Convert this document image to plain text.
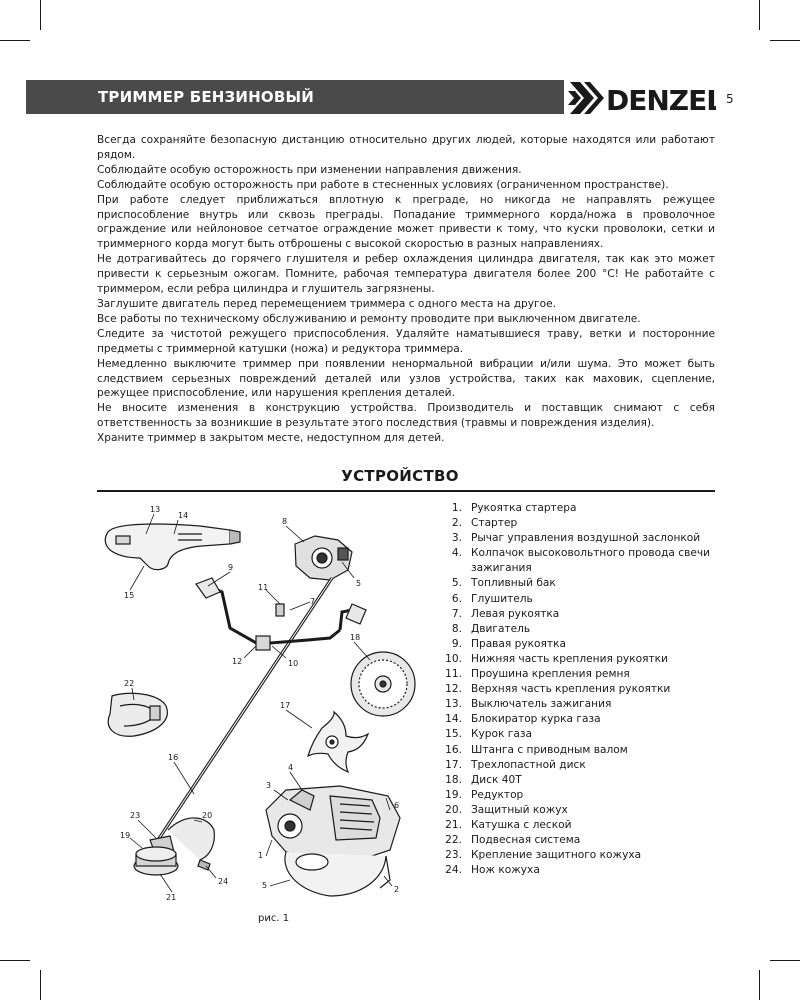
ТРИММЕР БЕНЗИНОВЫЙ	DENZEL 5

Всегда сохраняйте безопасную дистанцию относительно других людей, которые находятся или работают рядом.

Соблюдайте особую осторожность при изменении направления движения.

Соблюдайте особую осторожность при работе в стесненных условиях (ограниченном пространстве).

При работе следует приближаться вплотную к преграде, но никогда не направлять режущее приспособление внутрь или сквозь преграды. Попадание триммерного корда/ножа в проволочное ограждение или нейлоновое сетчатое ограждение может привести к тому, что куски проволоки, сетки и триммерного корда могут быть отброшены с высокой скоростью в разных направлениях.

Не дотрагивайтесь до горячего глушителя и ребер охлаждения цилиндра двигателя, так как это может привести к серьезным ожогам. Помните, рабочая температура двигателя более 200 °С! Не работайте с триммером, если ребра цилиндра и глушитель загрязнены.

Заглушите двигатель перед перемещением триммера с одного места на другое.

Все работы по техническому обслуживанию и ремонту проводите при выключенном двигателе.

Следите за чистотой режущего приспособления. Удаляйте наматывшиеся траву, ветки и посторонние предметы с триммерной катушки (ножа) и редуктора триммера.

Немедленно выключите триммер при появлении ненормальной вибрации и/или шума. Это может быть следствием серьезных повреждений деталей или узлов устройства, таких как маховик, сцепление, режущее приспособление, или нарушения крепления деталей.

Не вносите изменения в конструкцию устройства. Производитель и поставщик снимают с себя ответственность за возникшие в результате этого последствия (травмы и повреждения изделия).

Храните триммер в закрытом месте, недоступном для детей.

УСТРОЙСТВО
1. Рукоятка стартера
2. Стартер
3. Рычаг управления воздушной заслонкой
4. Колпачок высоковольтного провода свечи зажигания
5. Топливный бак
6. Глушитель
7. Левая рукоятка
8. Двигатель
9. Правая рукоятка
10. Нижняя часть крепления рукоятки
11. Проушина крепления ремня
12. Верхняя часть крепления рукоятки
13. Выключатель зажигания
14. Блокиратор курка газа
15. Курок газа
16. Штанга с приводным валом
17. Трехлопастной диск
18. Диск 40Т
19. Редуктор
20. Защитный кожух
21. Катушка с леской
22. Подвесная система
23. Крепление защитного кожуха
24. Нож кожуха
13
14
15
8
5
9
11
7
12	10
18
22
17
16
4
3
6
23	20
19
1
5
24
21
2
рис. 1
